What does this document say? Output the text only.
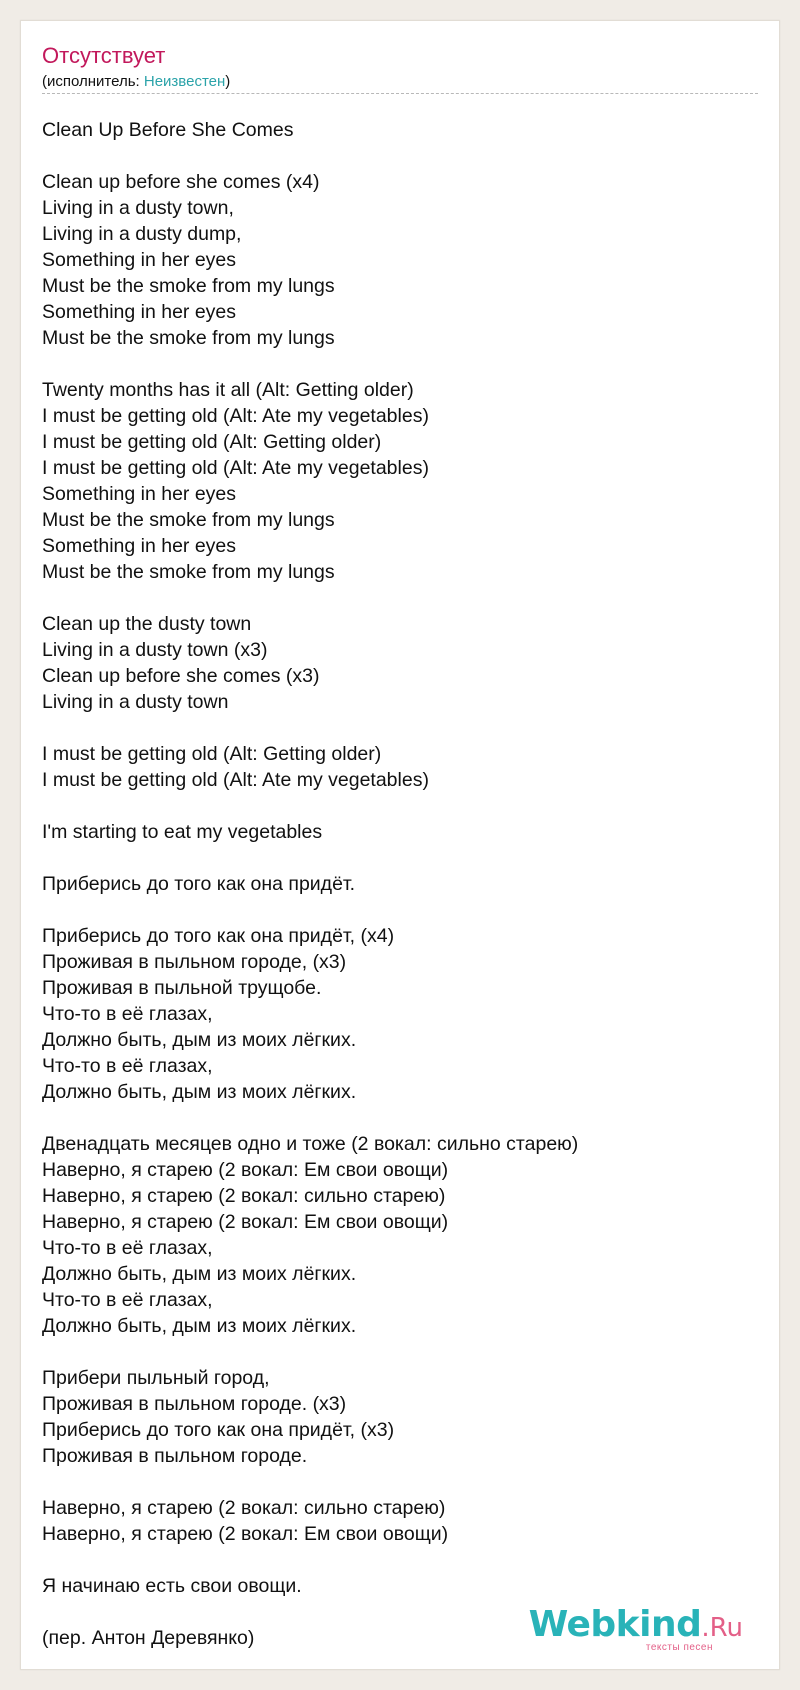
Отсутствует
(исполнитель: Неизвестен)
Clean Up Before She Comes
Clean up before she comes (x4)
Living in a dusty town,
Living in a dusty dump,
Something in her eyes
Must be the smoke from my lungs
Something in her eyes
Must be the smoke from my lungs
Twenty months has it all (Alt: Getting older)
I must be getting old (Alt: Ate my vegetables)
I must be getting old (Alt: Getting older)
I must be getting old (Alt: Ate my vegetables)
Something in her eyes
Must be the smoke from my lungs
Something in her eyes
Must be the smoke from my lungs
Clean up the dusty town
Living in a dusty town (x3)
Clean up before she comes (x3)
Living in a dusty town
I must be getting old (Alt: Getting older)
I must be getting old (Alt: Ate my vegetables)
I'm starting to eat my vegetables
Приберись до того как она придёт.
Приберись до того как она придёт, (x4)
Проживая в пыльном городе, (x3)
Проживая в пыльной трущобе.
Что-то в её глазах,
Должно быть, дым из моих лёгких.
Что-то в её глазах,
Должно быть, дым из моих лёгких.
Двенадцать месяцев одно и тоже (2 вокал: сильно старею)
Наверно, я старею (2 вокал: Ем свои овощи)
Наверно, я старею (2 вокал: сильно старею)
Наверно, я старею (2 вокал: Ем свои овощи)
Что-то в её глазах,
Должно быть, дым из моих лёгких.
Что-то в её глазах,
Должно быть, дым из моих лёгких.
Прибери пыльный город,
Проживая в пыльном городе. (x3)
Приберись до того как она придёт, (x3)
Проживая в пыльном городе.
Наверно, я старею (2 вокал: сильно старею)
Наверно, я старею (2 вокал: Ем свои овощи)
Я начинаю есть свои овощи.
(пер. Антон Деревянко)	Webkind.Ru
тексты песен
